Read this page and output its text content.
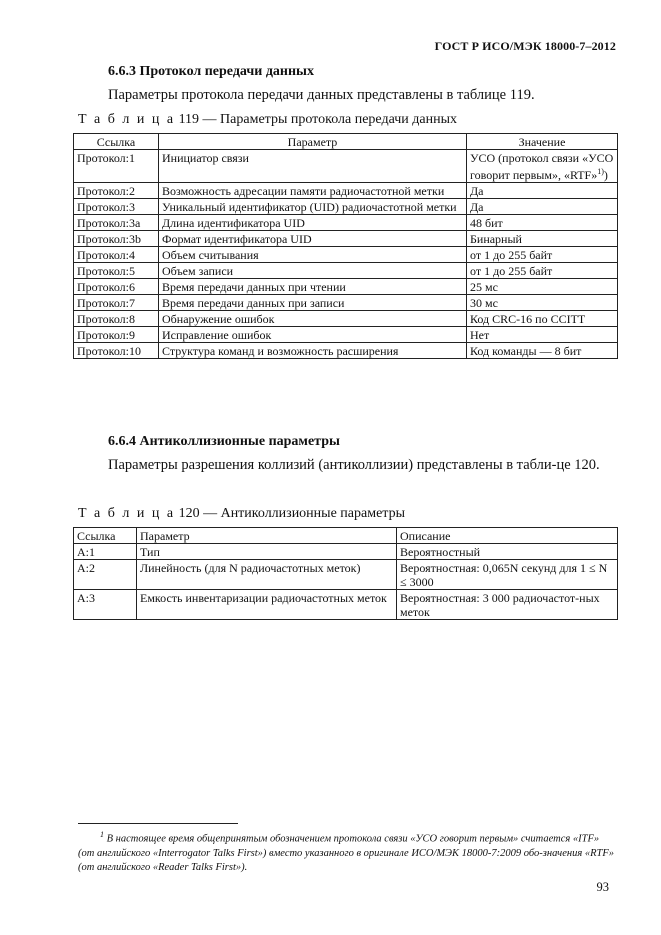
ГОСТ Р ИСО/МЭК 18000-7–2012
6.6.3 Протокол передачи данных
Параметры протокола передачи данных представлены в таблице 119.
Т а б л и ц а 119 — Параметры протокола передачи данных
Ссылка	Параметр	Значение
Протокол:1	Инициатор связи	УСО (протокол связи «УСО говорит первым», «RTF»$^{1)}$)
Протокол:2	Возможность адресации памяти радиочастотной метки	Да
Протокол:3	Уникальный идентификатор (UID) радиочастотной метки	Да
Протокол:3а	Длина идентификатора UID	48 бит
Протокол:3b	Формат идентификатора UID	Бинарный
Протокол:4	Объем считывания	от 1 до 255 байт
Протокол:5	Объем записи	от 1 до 255 байт
Протокол:6	Время передачи данных при чтении	25 мс
Протокол:7	Время передачи данных при записи	30 мс
Протокол:8	Обнаружение ошибок	Код CRC-16 по CCITT
Протокол:9	Исправление ошибок	Нет
Протокол:10	Структура команд и возможность расширения	Код команды — 8 бит
6.6.4 Антиколлизионные параметры
Параметры разрешения коллизий (антиколлизии) представлены в табли-це 120.
Т а б л и ц а 120 — Антиколлизионные параметры
Ссылка	Параметр	Описание
А:1	Тип	Вероятностный
А:2	Линейность (для N радиочастотных меток)	Вероятностная: 0,065N секунд для 1 ≤ N ≤ 3000
А:3	Емкость инвентаризации радиочастотных меток	Вероятностная: 3 000 радиочастот-ных меток
$^1$ В настоящее время общепринятым обозначением протокола связи «УСО говорит первым» считается «ITF» (от английского «Interrogator Talks First») вместо указанного в оригинале ИСО/МЭК 18000-7:2009 обо-значения «RTF» (от английского «Reader Talks First»).
93
